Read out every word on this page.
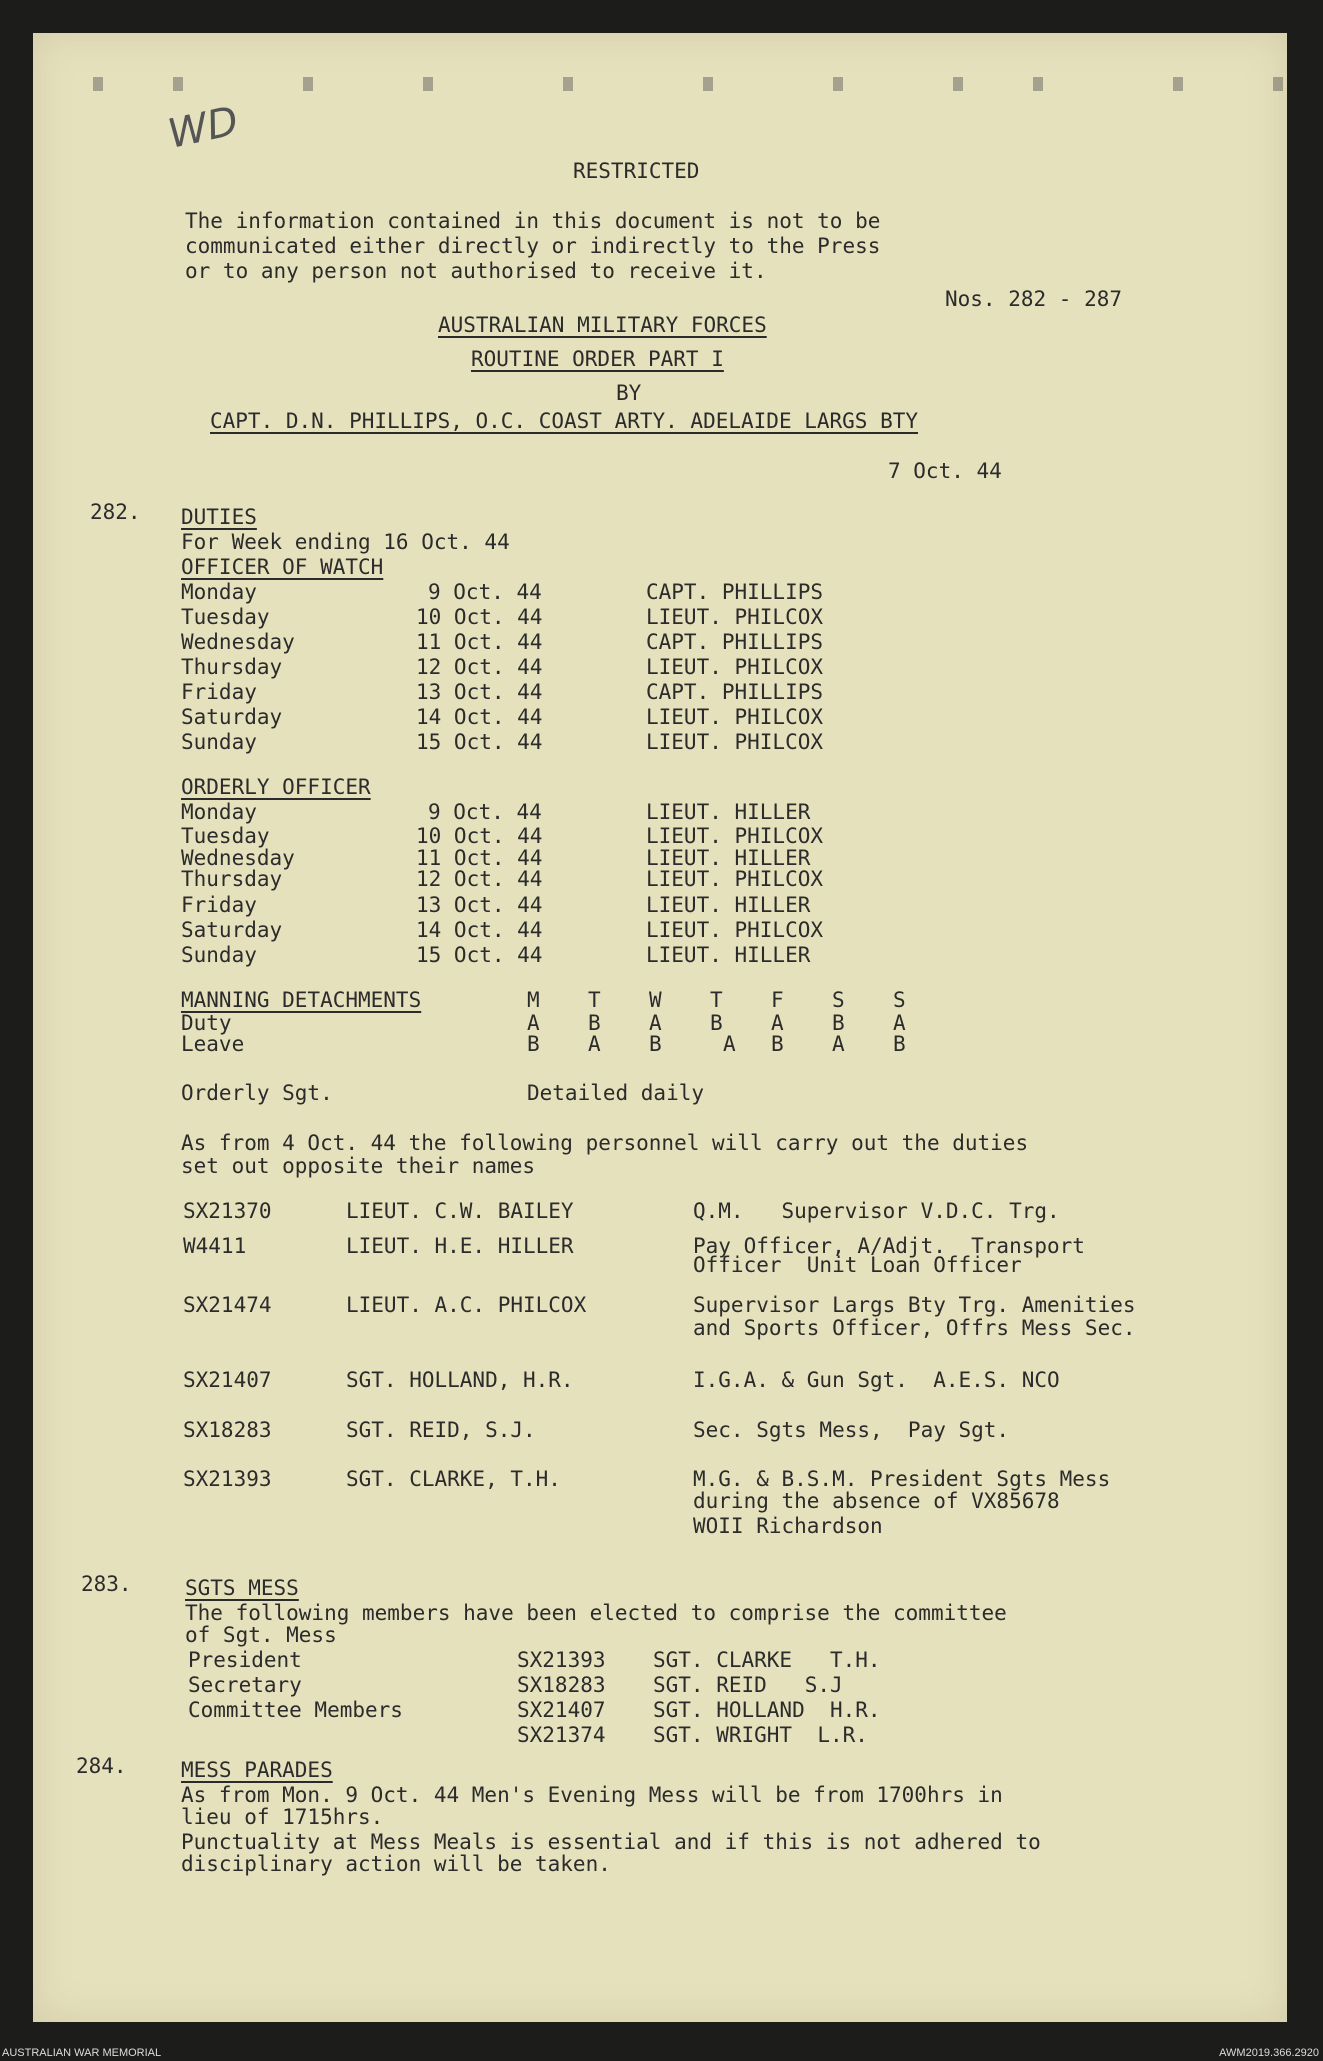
WD
RESTRICTED
The information contained in this document is not to be
communicated either directly or indirectly to the Press
or to any person not authorised to receive it.
Nos. 282 - 287
AUSTRALIAN MILITARY FORCES
ROUTINE ORDER PART I
BY
CAPT. D.N. PHILLIPS, O.C. COAST ARTY. ADELAIDE LARGS BTY
7 Oct. 44
282. DUTIES
For Week ending 16 Oct. 44
OFFICER OF WATCH
Monday	9 Oct. 44	CAPT. PHILLIPS
Tuesday	10 Oct. 44	LIEUT. PHILCOX
Wednesday	11 Oct. 44	CAPT. PHILLIPS
Thursday	12 Oct. 44	LIEUT. PHILCOX
Friday	13 Oct. 44	CAPT. PHILLIPS
Saturday	14 Oct. 44	LIEUT. PHILCOX
Sunday	15 Oct. 44	LIEUT. PHILCOX
ORDERLY OFFICER
Monday	9 Oct. 44	LIEUT. HILLER
Tuesday	10 Oct. 44	LIEUT. PHILCOX
Wednesday	11 Oct. 44	LIEUT. HILLER
Thursday	12 Oct. 44	LIEUT. PHILCOX
Friday	13 Oct. 44	LIEUT. HILLER
Saturday	14 Oct. 44	LIEUT. PHILCOX
Sunday	15 Oct. 44	LIEUT. HILLER
MANNING DETACHMENTS	M T W T F S S
Duty	A B A B A B A
Leave	B A B	A B A B
Orderly Sgt.	Detailed daily
As from 4 Oct. 44 the following personnel will carry out the duties
set out opposite their names
SX21370	LIEUT. C.W. BAILEY	Q.M.   Supervisor V.D.C. Trg.
W4411	LIEUT. H.E. HILLER	Pay Officer, A/Adjt.  Transport
Officer  Unit Loan Officer
SX21474	LIEUT. A.C. PHILCOX	Supervisor Largs Bty Trg. Amenities
and Sports Officer, Offrs Mess Sec.
SX21407	SGT. HOLLAND, H.R.	I.G.A. & Gun Sgt.  A.E.S. NCO
SX18283	SGT. REID, S.J.	Sec. Sgts Mess,  Pay Sgt.
SX21393	SGT. CLARKE, T.H.	M.G. & B.S.M. President Sgts Mess
during the absence of VX85678
WOII Richardson
283.	SGTS MESS
The following members have been elected to comprise the committee
of Sgt. Mess
President	SX21393 SGT. CLARKE   T.H.
Secretary	SX18283 SGT. REID   S.J
Committee Members	SX21407 SGT. HOLLAND  H.R.
SX21374 SGT. WRIGHT  L.R.
284.	MESS PARADES
As from Mon. 9 Oct. 44 Men's Evening Mess will be from 1700hrs in
lieu of 1715hrs.
Punctuality at Mess Meals is essential and if this is not adhered to
disciplinary action will be taken.
AUSTRALIAN WAR MEMORIAL	AWM2019.366.2920
